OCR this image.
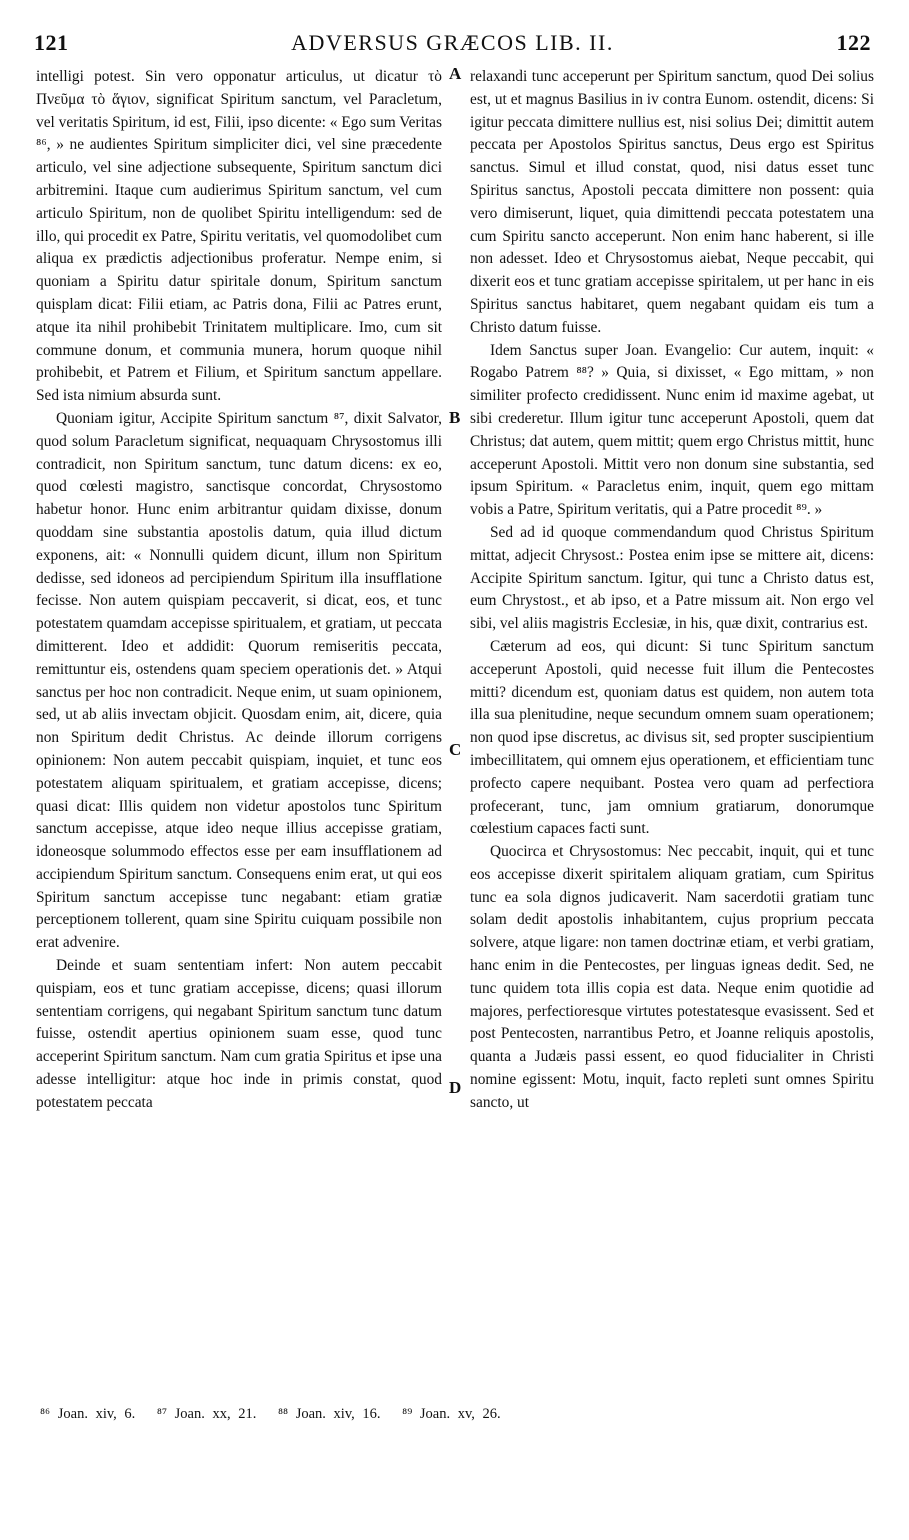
121	ADVERSUS GRÆCOS LIB. II.	122

intelligi potest. Sin vero opponatur articulus, ut dicatur τὸ Πνεῦμα τὸ ἅγιον, significat Spiritum sanctum, vel Paracletum, vel veritatis Spiritum, id est, Filii, ipso dicente: « Ego sum Veritas ⁸⁶, » ne audientes Spiritum simpliciter dici, vel sine præcedente articulo, vel sine adjectione subsequente, Spiritum sanctum dici arbitremini. Itaque cum audierimus Spiritum sanctum, vel cum articulo Spiritum, non de quolibet Spiritu intelligendum: sed de illo, qui procedit ex Patre, Spiritu veritatis, vel quomodolibet cum aliqua ex prædictis adjectionibus proferatur. Nempe enim, si quoniam a Spiritu datur spiritale donum, Spiritum sanctum quisplam dicat: Filii etiam, ac Patris dona, Filii ac Patres erunt, atque ita nihil prohibebit Trinitatem multiplicare. Imo, cum sit commune donum, et communia munera, horum quoque nihil prohibebit, et Patrem et Filium, et Spiritum sanctum appellare. Sed ista nimium absurda sunt.

Quoniam igitur, Accipite Spiritum sanctum ⁸⁷, dixit Salvator, quod solum Paracletum significat, nequaquam Chrysostomus illi contradicit, non Spiritum sanctum, tunc datum dicens: ex eo, quod cœlesti magistro, sanctisque concordat, Chrysostomo habetur honor. Hunc enim arbitrantur quidam dixisse, donum quoddam sine substantia apostolis datum, quia illud dictum exponens, ait: « Nonnulli quidem dicunt, illum non Spiritum dedisse, sed idoneos ad percipiendum Spiritum illa insufflatione fecisse. Non autem quispiam peccaverit, si dicat, eos, et tunc potestatem quamdam accepisse spiritualem, et gratiam, ut peccata dimitterent. Ideo et addidit: Quorum remiseritis peccata, remittuntur eis, ostendens quam speciem operationis det. » Atqui sanctus per hoc non contradicit. Neque enim, ut suam opinionem, sed, ut ab aliis invectam objicit. Quosdam enim, ait, dicere, quia non Spiritum dedit Christus. Ac deinde illorum corrigens opinionem: Non autem peccabit quispiam, inquiet, et tunc eos potestatem aliquam spiritualem, et gratiam accepisse, dicens; quasi dicat: Illis quidem non videtur apostolos tunc Spiritum sanctum accepisse, atque ideo neque illius accepisse gratiam, idoneosque solummodo effectos esse per eam insufflationem ad accipiendum Spiritum sanctum. Consequens enim erat, ut qui eos Spiritum sanctum accepisse tunc negabant: etiam gratiæ perceptionem tollerent, quam sine Spiritu cuiquam possibile non erat advenire.

Deinde et suam sententiam infert: Non autem peccabit quispiam, eos et tunc gratiam accepisse, dicens; quasi illorum sententiam corrigens, qui negabant Spiritum sanctum tunc datum fuisse, ostendit apertius opinionem suam esse, quod tunc acceperint Spiritum sanctum. Nam cum gratia Spiritus et ipse una adesse intelligitur: atque hoc inde in primis constat, quod potestatem peccata

A
B
C
D

relaxandi tunc acceperunt per Spiritum sanctum, quod Dei solius est, ut et magnus Basilius in iv contra Eunom. ostendit, dicens: Si igitur peccata dimittere nullius est, nisi solius Dei; dimittit autem peccata per Apostolos Spiritus sanctus, Deus ergo est Spiritus sanctus. Simul et illud constat, quod, nisi datus esset tunc Spiritus sanctus, Apostoli peccata dimittere non possent: quia vero dimiserunt, liquet, quia dimittendi peccata potestatem una cum Spiritu sancto acceperunt. Non enim hanc haberent, si ille non adesset. Ideo et Chrysostomus aiebat, Neque peccabit, qui dixerit eos et tunc gratiam accepisse spiritalem, ut per hanc in eis Spiritus sanctus habitaret, quem negabant quidam eis tum a Christo datum fuisse.

Idem Sanctus super Joan. Evangelio: Cur autem, inquit: « Rogabo Patrem ⁸⁸? » Quia, si dixisset, « Ego mittam, » non similiter profecto credidissent. Nunc enim id maxime agebat, ut sibi crederetur. Illum igitur tunc acceperunt Apostoli, quem dat Christus; dat autem, quem mittit; quem ergo Christus mittit, hunc acceperunt Apostoli. Mittit vero non donum sine substantia, sed ipsum Spiritum. « Paracletus enim, inquit, quem ego mittam vobis a Patre, Spiritum veritatis, qui a Patre procedit ⁸⁹. »

Sed ad id quoque commendandum quod Christus Spiritum mittat, adjecit Chrysost.: Postea enim ipse se mittere ait, dicens: Accipite Spiritum sanctum. Igitur, qui tunc a Christo datus est, eum Chrystost., et ab ipso, et a Patre missum ait. Non ergo vel sibi, vel aliis magistris Ecclesiæ, in his, quæ dixit, contrarius est.

Cæterum ad eos, qui dicunt: Si tunc Spiritum sanctum acceperunt Apostoli, quid necesse fuit illum die Pentecostes mitti? dicendum est, quoniam datus est quidem, non autem tota illa sua plenitudine, neque secundum omnem suam operationem; non quod ipse discretus, ac divisus sit, sed propter suscipientium imbecillitatem, qui omnem ejus operationem, et efficientiam tunc profecto capere nequibant. Postea vero quam ad perfectiora profecerant, tunc, jam omnium gratiarum, donorumque cœlestium capaces facti sunt.

Quocirca et Chrysostomus: Nec peccabit, inquit, qui et tunc eos accepisse dixerit spiritalem aliquam gratiam, cum Spiritus tunc ea sola dignos judicaverit. Nam sacerdotii gratiam tunc solam dedit apostolis inhabitantem, cujus proprium peccata solvere, atque ligare: non tamen doctrinæ etiam, et verbi gratiam, hanc enim in die Pentecostes, per linguas igneas dedit. Sed, ne tunc quidem tota illis copia est data. Neque enim quotidie ad majores, perfectioresque virtutes potestatesque evasissent. Sed et post Pentecosten, narrantibus Petro, et Joanne reliquis apostolis, quanta a Judæis passi essent, eo quod fiducialiter in Christi nomine egissent: Motu, inquit, facto repleti sunt omnes Spiritu sancto, ut

⁸⁶ Joan. xiv, 6. ⁸⁷ Joan. xx, 21. ⁸⁸ Joan. xiv, 16. ⁸⁹ Joan. xv, 26.
